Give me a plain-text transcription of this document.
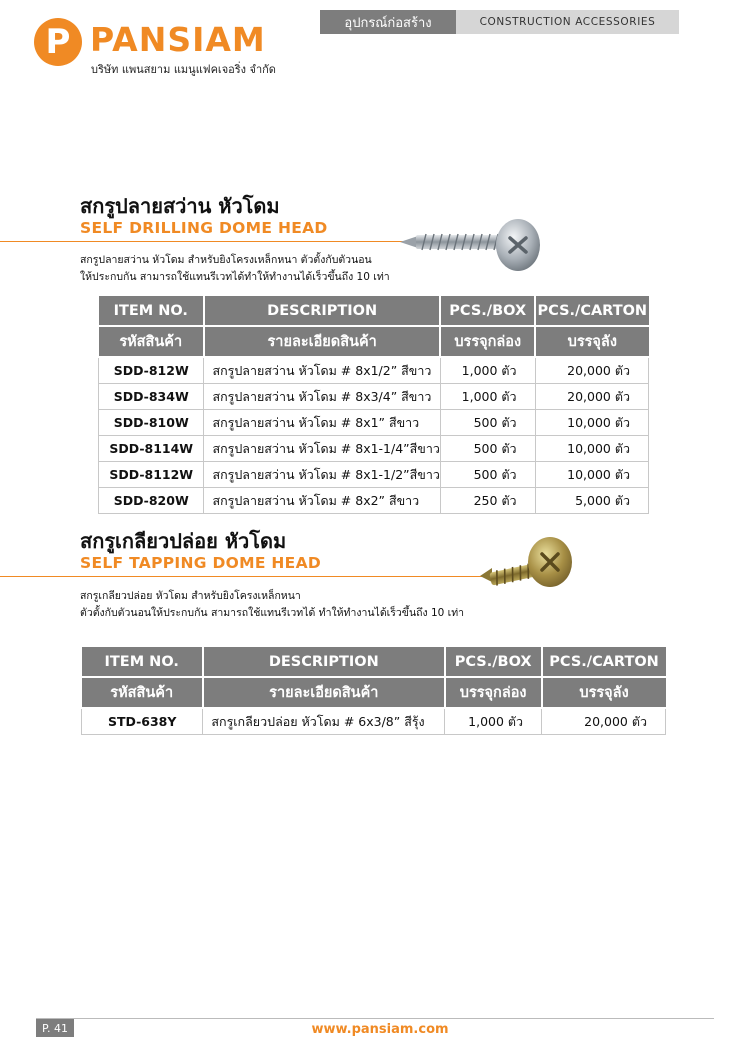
P PANSIAM
บริษัท แพนสยาม แมนูแฟคเจอริ่ง จำกัด
อุปกรณ์ก่อสร้าง	CONSTRUCTION ACCESSORIES
สกรูปลายสว่าน หัวโดม
SELF DRILLING DOME HEAD
สกรูปลายสว่าน หัวโดม สำหรับยิงโครงเหล็กหนา ตัวตั้งกับตัวนอน
ให้ประกบกัน สามารถใช้แทนรีเวทได้ทำให้ทำงานได้เร็วขึ้นถึง 10 เท่า
ITEM NO.	DESCRIPTION	PCS./BOX	PCS./CARTON
รหัสสินค้า	รายละเอียดสินค้า	บรรจุกล่อง	บรรจุลัง
SDD-812W	สกรูปลายสว่าน หัวโดม # 8x1/2” สีขาว	1,000 ตัว	20,000 ตัว
SDD-834W	สกรูปลายสว่าน หัวโดม # 8x3/4” สีขาว	1,000 ตัว	20,000 ตัว
SDD-810W	สกรูปลายสว่าน หัวโดม # 8x1” สีขาว	500 ตัว	10,000 ตัว
SDD-8114W	สกรูปลายสว่าน หัวโดม # 8x1-1/4”สีขาว	500 ตัว	10,000 ตัว
SDD-8112W	สกรูปลายสว่าน หัวโดม # 8x1-1/2”สีขาว	500 ตัว	10,000 ตัว
SDD-820W	สกรูปลายสว่าน หัวโดม # 8x2” สีขาว	250 ตัว	5,000 ตัว
สกรูเกลียวปล่อย หัวโดม
SELF TAPPING DOME HEAD
สกรูเกลียวปล่อย หัวโดม สำหรับยิงโครงเหล็กหนา
ตัวตั้งกับตัวนอนให้ประกบกัน สามารถใช้แทนรีเวทได้ ทำให้ทำงานได้เร็วขึ้นถึง 10 เท่า
ITEM NO.	DESCRIPTION	PCS./BOX	PCS./CARTON
รหัสสินค้า	รายละเอียดสินค้า	บรรจุกล่อง	บรรจุลัง
STD-638Y	สกรูเกลียวปล่อย หัวโดม # 6x3/8” สีรุ้ง	1,000 ตัว	20,000 ตัว
P. 41	www.pansiam.com
